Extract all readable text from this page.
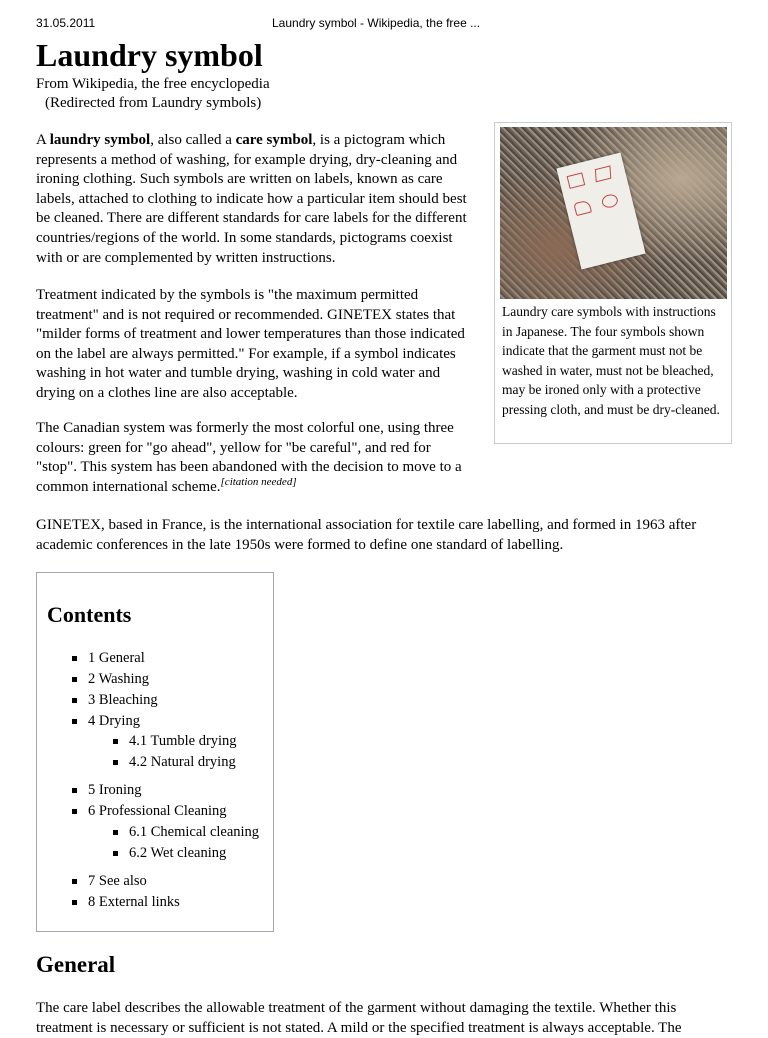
31.05.2011	Laundry symbol - Wikipedia, the free ...
Laundry symbol
From Wikipedia, the free encyclopedia
(Redirected from Laundry symbols)

A laundry symbol, also called a care symbol, is a pictogram which represents a method of washing, for example drying, dry-cleaning and ironing clothing. Such symbols are written on labels, known as care labels, attached to clothing to indicate how a particular item should best be cleaned. There are different standards for care labels for the different countries/regions of the world. In some standards, pictograms coexist with or are complemented by written instructions.

Treatment indicated by the symbols is "the maximum permitted treatment" and is not required or recommended. GINETEX states that "milder forms of treatment and lower temperatures than those indicated on the label are always permitted." For example, if a symbol indicates washing in hot water and tumble drying, washing in cold water and drying on a clothes line are also acceptable.

The Canadian system was formerly the most colorful one, using three colours: green for "go ahead", yellow for "be careful", and red for "stop". This system has been abandoned with the decision to move to a common international scheme.[citation needed]

GINETEX, based in France, is the international association for textile care labelling, and formed in 1963 after academic conferences in the late 1950s were formed to define one standard of labelling.

Laundry care symbols with instructions in Japanese. The four symbols shown indicate that the garment must not be washed in water, must not be bleached, may be ironed only with a protective pressing cloth, and must be dry-cleaned.
Contents
1 General
2 Washing
3 Bleaching
4 Drying
4.1 Tumble drying
4.2 Natural drying
5 Ironing
6 Professional Cleaning
6.1 Chemical cleaning
6.2 Wet cleaning
7 See also
8 External links
General

The care label describes the allowable treatment of the garment without damaging the textile. Whether this treatment is necessary or sufficient is not stated. A mild or the specified treatment is always acceptable. The
